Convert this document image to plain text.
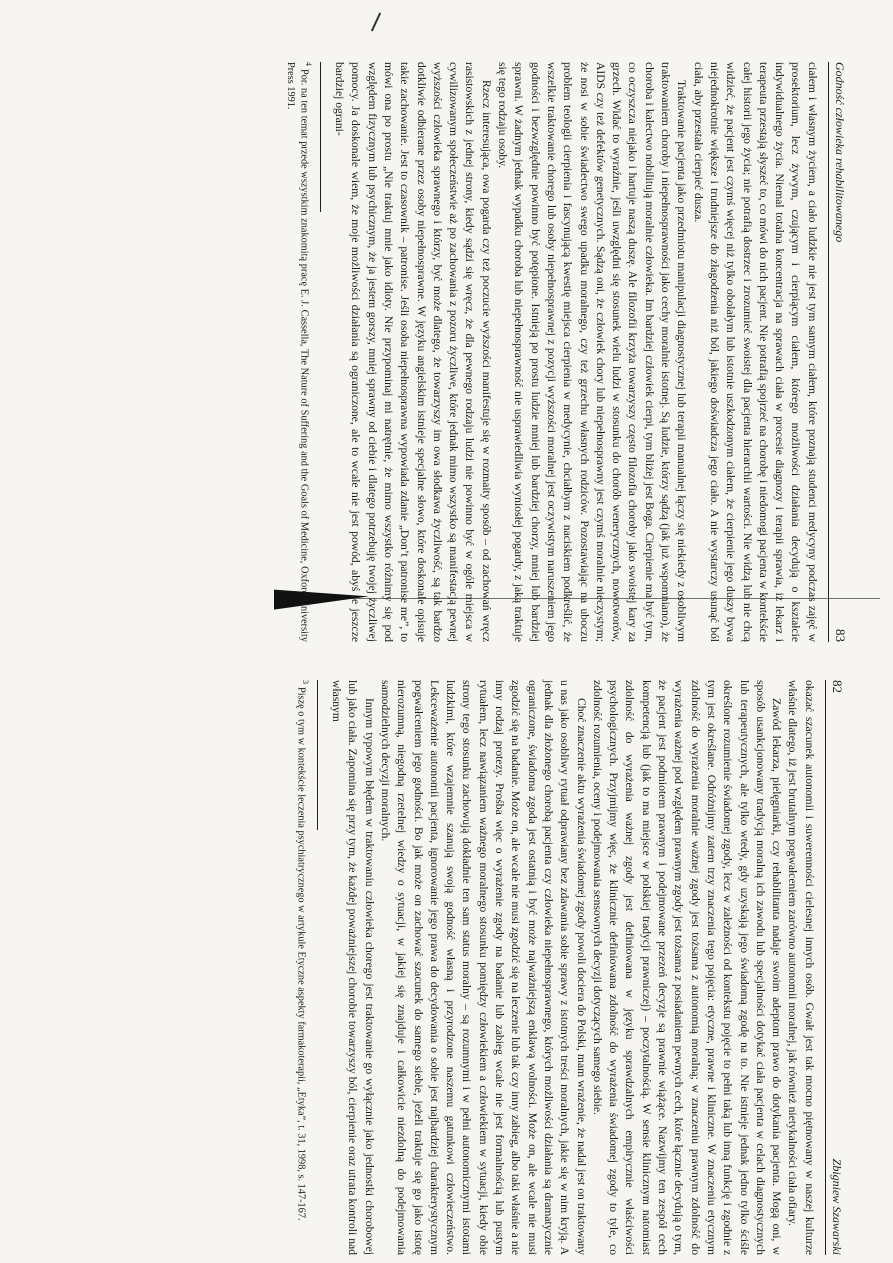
82
Zbigniew Szawarski

okazać szacunek autonomii i suwerenności cielesnej innych osób. Gwałt jest tak mocno piętnowany w naszej kulturze właśnie dlatego, iż jest brutalnym pogwałceniem zarówno autonomii moralnej, jak również nietykalności ciała ofiary.

Zawód lekarza, pielęgniarki, czy rehabilitanta nadaje swoim adeptom prawo do dotykania pacjenta. Mogą oni, w sposób usankcjonowany tradycją moralną ich zawodu lub specjalności dotykać ciała pacjenta w celach diagnostycznych lub terapeutycznych, ale tylko wtedy, gdy uzyskają jego świadomą zgodę na to. Nie istnieje jednak jedno tylko ściśle określone rozumienie świadomej zgody, lecz w zależności od kontekstu pojęcie to pełni taką lub inną funkcję i zgodnie z tym jest określane. Odróżnijmy zatem trzy znaczenia tego pojęcia: etyczne, prawne i kliniczne. W znaczeniu etycznym zdolność do wyrażenia moralnie ważnej zgody jest tożsama z autonomią moralną; w znaczeniu prawnym zdolność do wyrażenia ważnej pod względem prawnym zgody jest tożsama z posiadaniem pewnych cech, które łącznie decydują o tym, że pacjent jest podmiotem prawnym i podejmowane przezeń decyzje są prawnie wiążące. Nazwijmy ten zespół cech kompetencją lub (jak to ma miejsce w polskiej tradycji prawniczej) – poczytalnością. W sensie klinicznym natomiast zdolność do wyrażenia ważnej zgody jest definiowana w języku sprawdzalnych empirycznie właściwości psychologicznych. Przyjmijmy więc, że klinicznie definiowana zdolność do wyrażenia świadomej zgody to tyle, co zdolność rozumienia, oceny i podejmowania sensownych decyzji dotyczących samego siebie.

Choć znaczenie aktu wyrażenia świadomej zgody powoli dociera do Polski, mam wrażenie, że nadal jest on traktowany u nas jako osobliwy rytuał odprawiany bez zdawania sobie sprawy z istotnych treści moralnych, jakie się w nim kryją. A jednak dla złożonego chorobą pacjenta czy człowieka niepełnosprawnego, których możliwości działania są dramatycznie ograniczone, świadoma zgoda jest ostatnią i być może najważniejszą enklawą wolności. Może on, ale wcale nie musi zgodzić się na badanie. Może on, ale wcale nie musi zgodzić się na leczenie lub tak czy inny zabieg, albo taki właśnie a nie inny rodzaj protezy. Prośba więc o wyrażenie zgody na badanie lub zabieg wcale nie jest formalnością lub pustym rytuałem, lecz nawiązaniem ważnego moralnego stosunku pomiędzy człowiekiem a człowiekiem w sytuacji, kiedy obie strony tego stosunku zachowują dokładnie ten sam status moralny – są rozumnymi i w pełni autonomicznymi istotami ludzkimi, które wzajemnie szanują swoją godność własną i przyrodzone naszemu gatunkowi człowieczeństwo. Lekceważenie autonomii pacjenta, ignorowanie jego prawa do decydowania o sobie jest najbardziej charakterystycznym pogwałceniem jego godności. Bo jak może on zachować szacunek do samego siebie, jeżeli traktuje się go jako istotę nierozumną, niegodną rzetelnej wiedzy o sytuacji, w jakiej się znajduje i całkowicie niezdolną do podejmowania samodzielnych decyzji moralnych.

Innym typowym błędem w traktowaniu człowieka chorego jest traktowanie go wyłącznie jako jednostki chorobowej lub jako ciała. Zapomina się przy tym, że każdej poważniejszej chorobie towarzyszy ból, cierpienie oraz utrata kontroli nad własnym

$^3$Piszę o tym w kontekście leczenia psychiatrycznego w artykule Etyczne aspekty farmakoterapii, „Etyka”, t. 31, 1998, s. 147-167.
Godność człowieka rehabilitowanego
83

ciałem i własnym życiem, a ciało ludzkie nie jest tym samym ciałem, które poznają studenci medycyny podczas zajęć w prosektorium, lecz żywym, czującym i cierpiącym ciałem, którego możliwości działania decydują o kształcie indywidualnego życia. Niemal totalna koncentracja na sprawach ciała w procesie diagnozy i terapii sprawia, iż lekarz i terapeuta przestają słyszeć to, co mówi do nich pacjent. Nie potrafią spojrzeć na chorobę i niedomogi pacjenta w kontekście całej historii jego życia; nie potrafią dostrzec i zrozumieć swoistej dla pacjenta hierarchii wartości. Nie widzą lub nie chcą widzieć, że pacjent jest czymś więcej niż tylko obolałym lub istotnie uszkodzonym ciałem, że cierpienie jego duszy bywa niejednokrotnie większe i trudniejsze do złagodzenia niż ból, jakiego doświadcza jego ciało. A nie wystarczy usunąć ból ciała, aby przestała cierpieć dusza.

Traktowanie pacjenta jako przedmiotu manipulacji diagnostycznej lub terapii manualnej łączy się niekiedy z osobliwym traktowaniem choroby i niepełnosprawności jako cechy moralnie istotnej. Są ludzie, którzy sądzą (jak już wspomniano), że choroba i kalectwo nobilitują moralnie człowieka. Im bardziej człowiek cierpi, tym bliżej jest Boga. Cierpienie ma być tym, co oczyszcza niejako i hartuje naszą duszę. Ale filozofii krzyża towarzyszy często filozofia choroby jako swoistej kary za grzech. Widać to wyraźnie, jeśli uwzględni się stosunek wielu ludzi w stosunku do chorób wenerycznych, nowotworów, AIDS czy też defektów genetycznych. Sądzą oni, że człowiek chory lub niepełnosprawny jest czymś moralnie nieczystym; że nosi w sobie świadectwo swego upadku moralnego, czy też grzechu własnych rodziców. Pozostawiając na uboczu problem teologii cierpienia i fascynującą kwestię miejsca cierpienia w medycynie, chciałbym z naciskiem podkreślić, że wszelkie traktowanie chorego lub osoby niepełnosprawnej z pozycji wyższości moralnej jest oczywistym naruszeniem jego godności i bezwzględnie powinno być potępione. Istnieją po prostu ludzie mniej lub bardziej chorzy, mniej lub bardziej sprawni. W żadnym jednak wypadku choroba lub niepełnosprawność nie usprawiedliwia wyniosłej pogardy, z jaką traktuje się tego rodzaju osoby.

Rzecz interesująca, owa pogarda czy też poczucie wyższości manifestuje się w rozmaity sposób – od zachowań wręcz rasistowskich z jednej strony, kiedy sądzi się wręcz, że dla pewnego rodzaju ludzi nie powinno być w ogóle miejsca w cywilizowanym społeczeństwie aż po zachowania z pozoru życzliwe, które jednak mimo wszystko są manifestacją pewnej wyższości człowieka sprawnego i którzy, być może dlatego, że towarzyszy im owa słodkawa życzliwość, są tak bardzo dotkliwie odbierane przez osoby niepełnosprawne. W języku angielskim istnieje specjalne słowo, które doskonale opisuje takie zachowanie. Jest to czasownik – patronise. Jeśli osoba niepełnosprawna wypowiada zdanie „Don’t patronise me”, to mówi ona po prostu „Nie traktuj mnie jako idioty. Nie przypominaj mi natrętnie, że mimo wszystko różnimy się pod względem fizycznym lub psychicznym, że ja jestem gorszy, mniej sprawny od ciebie i dlatego potrzebuję twojej życzliwej pomocy. Ja doskonale wiem, że moje możliwości działania są ograniczone, ale to wcale nie jest powód, abyś je jeszcze bardziej ograni-

$^4$Por. na ten temat przede wszystkim znakomitą pracę E. J. Cassella, The Nature of Suffering and the Goals of Medicine, Oxford University Press 1991.
